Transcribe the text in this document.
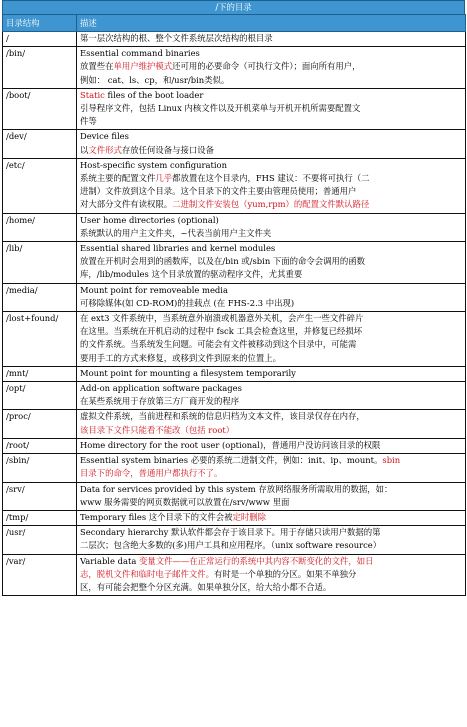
/下的目录
目录结构	描述
/	第一层次结构的根、整个文件系统层次结构的根目录

/bin/	Essential command binaries
放置些在单用户维护模式还可用的必要命令（可执行文件）；面向所有用户，
例如： cat、ls、cp，和/usr/bin类似。

/boot/	Static files of the boot loader
引导程序文件，包括 Linux 内核文件以及开机菜单与开机开机所需要配置文
件等

/dev/	Device files
以文件形式存放任何设备与接口设备

/etc/	Host-specific system configuration
系统主要的配置文件几乎都放置在这个目录内，FHS 建议：不要将可执行（二
进制）文件放到这个目录。这个目录下的文件主要由管理员使用；普通用户
对大部分文件有读权限。二进制文件安装包（yum,rpm）的配置文件默认路径

/home/	User home directories (optional)
系统默认的用户主文件夹，~代表当前用户主文件夹

/lib/	Essential shared libraries and kernel modules
放置在开机时会用到的函数库，以及在/bin 或/sbin 下面的命令会调用的函数
库，/lib/modules 这个目录放置的驱动程序文件，尤其重要

/media/	Mount point for removeable media
可移除媒体(如 CD-ROM)的挂载点 (在 FHS-2.3 中出现)

/lost+found/	在 ext3 文件系统中，当系统意外崩溃或机器意外关机，会产生一些文件碎片
在这里。当系统在开机启动的过程中 fsck 工具会检查这里，并修复已经损坏
的文件系统。当系统发生问题。可能会有文件被移动到这个目录中，可能需
要用手工的方式来修复，或移到文件到原来的位置上。

/mnt/	Mount point for mounting a filesystem temporarily

/opt/	Add-on application software packages
在某些系统用于存放第三方厂商开发的程序

/proc/	虚拟文件系统，当前进程和系统的信息归档为文本文件，该目录仅存在内存，
该目录下文件只能看不能改（包括 root）

/root/	Home directory for the root user (optional)，普通用户没访问该目录的权限

/sbin/	Essential system binaries 必要的系统二进制文件，例如：init、ip、mount。sbin
目录下的命令，普通用户都执行不了。

/srv/	Data for services provided by this system 存放网络服务所需取用的数据，如：
www 服务需要的网页数据就可以放置在/srv/www 里面

/tmp/	Temporary files 这个目录下的文件会被定时删除

/usr/	Secondary hierarchy 默认软件都会存于该目录下。用于存储只读用户数据的第
二层次；包含绝大多数的(多)用户工具和应用程序。（unix software resource）

/var/	Variable data 变量文件——在正常运行的系统中其内容不断变化的文件，如日
志，脱机文件和临时电子邮件文件。有时是一个单独的分区。如果不单独分
区，有可能会把整个分区充满。如果单独分区，给大给小都不合适。
